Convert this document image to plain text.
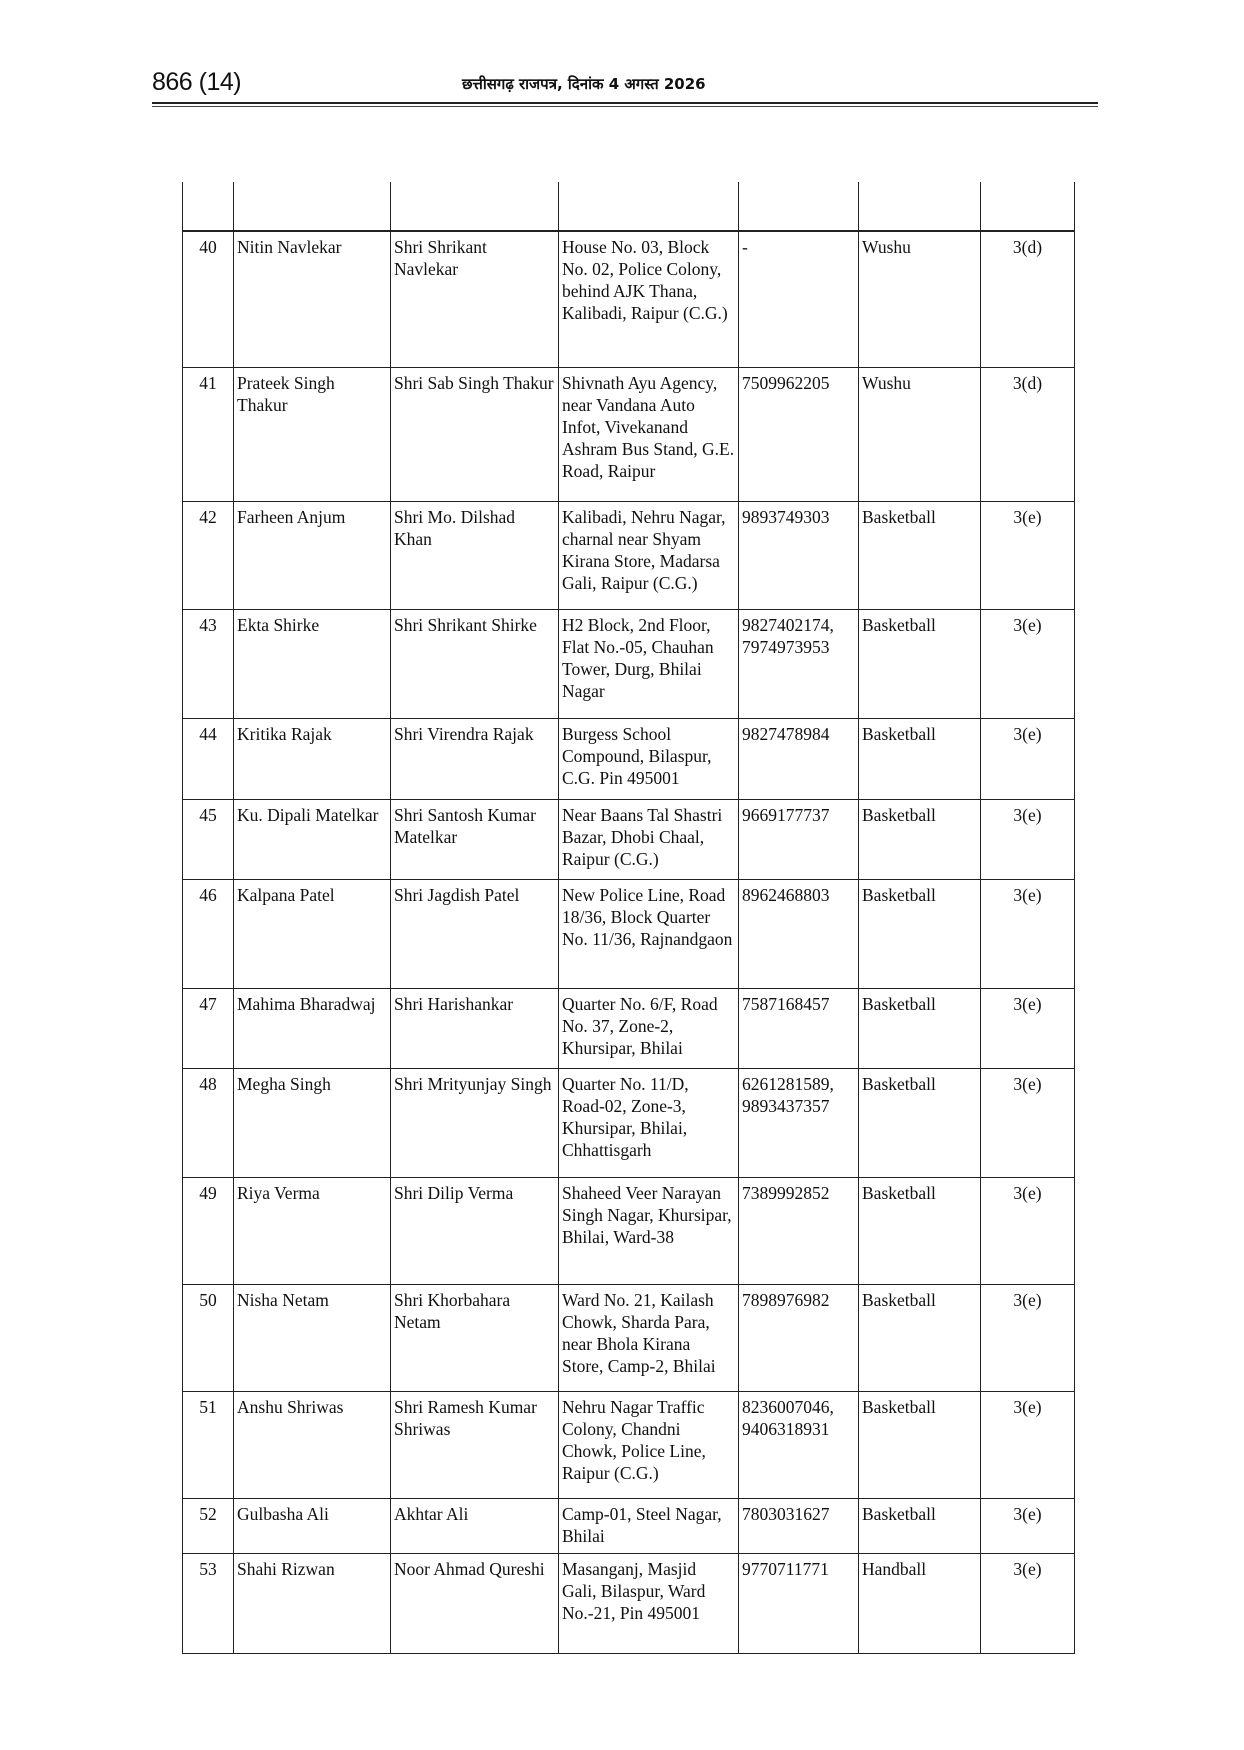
866 (14)	छत्तीसगढ़ राजपत्र, दिनांक 4 अगस्त 2026

40	Nitin Navlekar	Shri Shrikant Navlekar	House No. 03, Block No. 02, Police Colony, behind AJK Thana, Kalibadi, Raipur (C.G.)	-	Wushu	3(d)
41	Prateek Singh Thakur	Shri Sab Singh Thakur	Shivnath Ayu Agency, near Vandana Auto Infot, Vivekanand Ashram Bus Stand, G.E. Road, Raipur	7509962205	Wushu	3(d)
42	Farheen Anjum	Shri Mo. Dilshad Khan	Kalibadi, Nehru Nagar, charnal near Shyam Kirana Store, Madarsa Gali, Raipur (C.G.)	9893749303	Basketball	3(e)
43	Ekta Shirke	Shri Shrikant Shirke	H2 Block, 2nd Floor, Flat No.-05, Chauhan Tower, Durg, Bhilai Nagar	9827402174, 7974973953	Basketball	3(e)
44	Kritika Rajak	Shri Virendra Rajak	Burgess School Compound, Bilaspur, C.G. Pin 495001	9827478984	Basketball	3(e)
45	Ku. Dipali Matelkar	Shri Santosh Kumar Matelkar	Near Baans Tal Shastri Bazar, Dhobi Chaal, Raipur (C.G.)	9669177737	Basketball	3(e)
46	Kalpana Patel	Shri Jagdish Patel	New Police Line, Road 18/36, Block Quarter No. 11/36, Rajnandgaon	8962468803	Basketball	3(e)
47	Mahima Bharadwaj	Shri Harishankar	Quarter No. 6/F, Road No. 37, Zone-2, Khursipar, Bhilai	7587168457	Basketball	3(e)
48	Megha Singh	Shri Mrityunjay Singh	Quarter No. 11/D, Road-02, Zone-3, Khursipar, Bhilai, Chhattisgarh	6261281589, 9893437357	Basketball	3(e)
49	Riya Verma	Shri Dilip Verma	Shaheed Veer Narayan Singh Nagar, Khursipar, Bhilai, Ward-38	7389992852	Basketball	3(e)
50	Nisha Netam	Shri Khorbahara Netam	Ward No. 21, Kailash Chowk, Sharda Para, near Bhola Kirana Store, Camp-2, Bhilai	7898976982	Basketball	3(e)
51	Anshu Shriwas	Shri Ramesh Kumar Shriwas	Nehru Nagar Traffic Colony, Chandni Chowk, Police Line, Raipur (C.G.)	8236007046, 9406318931	Basketball	3(e)
52	Gulbasha Ali	Akhtar Ali	Camp-01, Steel Nagar, Bhilai	7803031627	Basketball	3(e)
53	Shahi Rizwan	Noor Ahmad Qureshi	Masanganj, Masjid Gali, Bilaspur, Ward No.-21, Pin 495001	9770711771	Handball	3(e)
